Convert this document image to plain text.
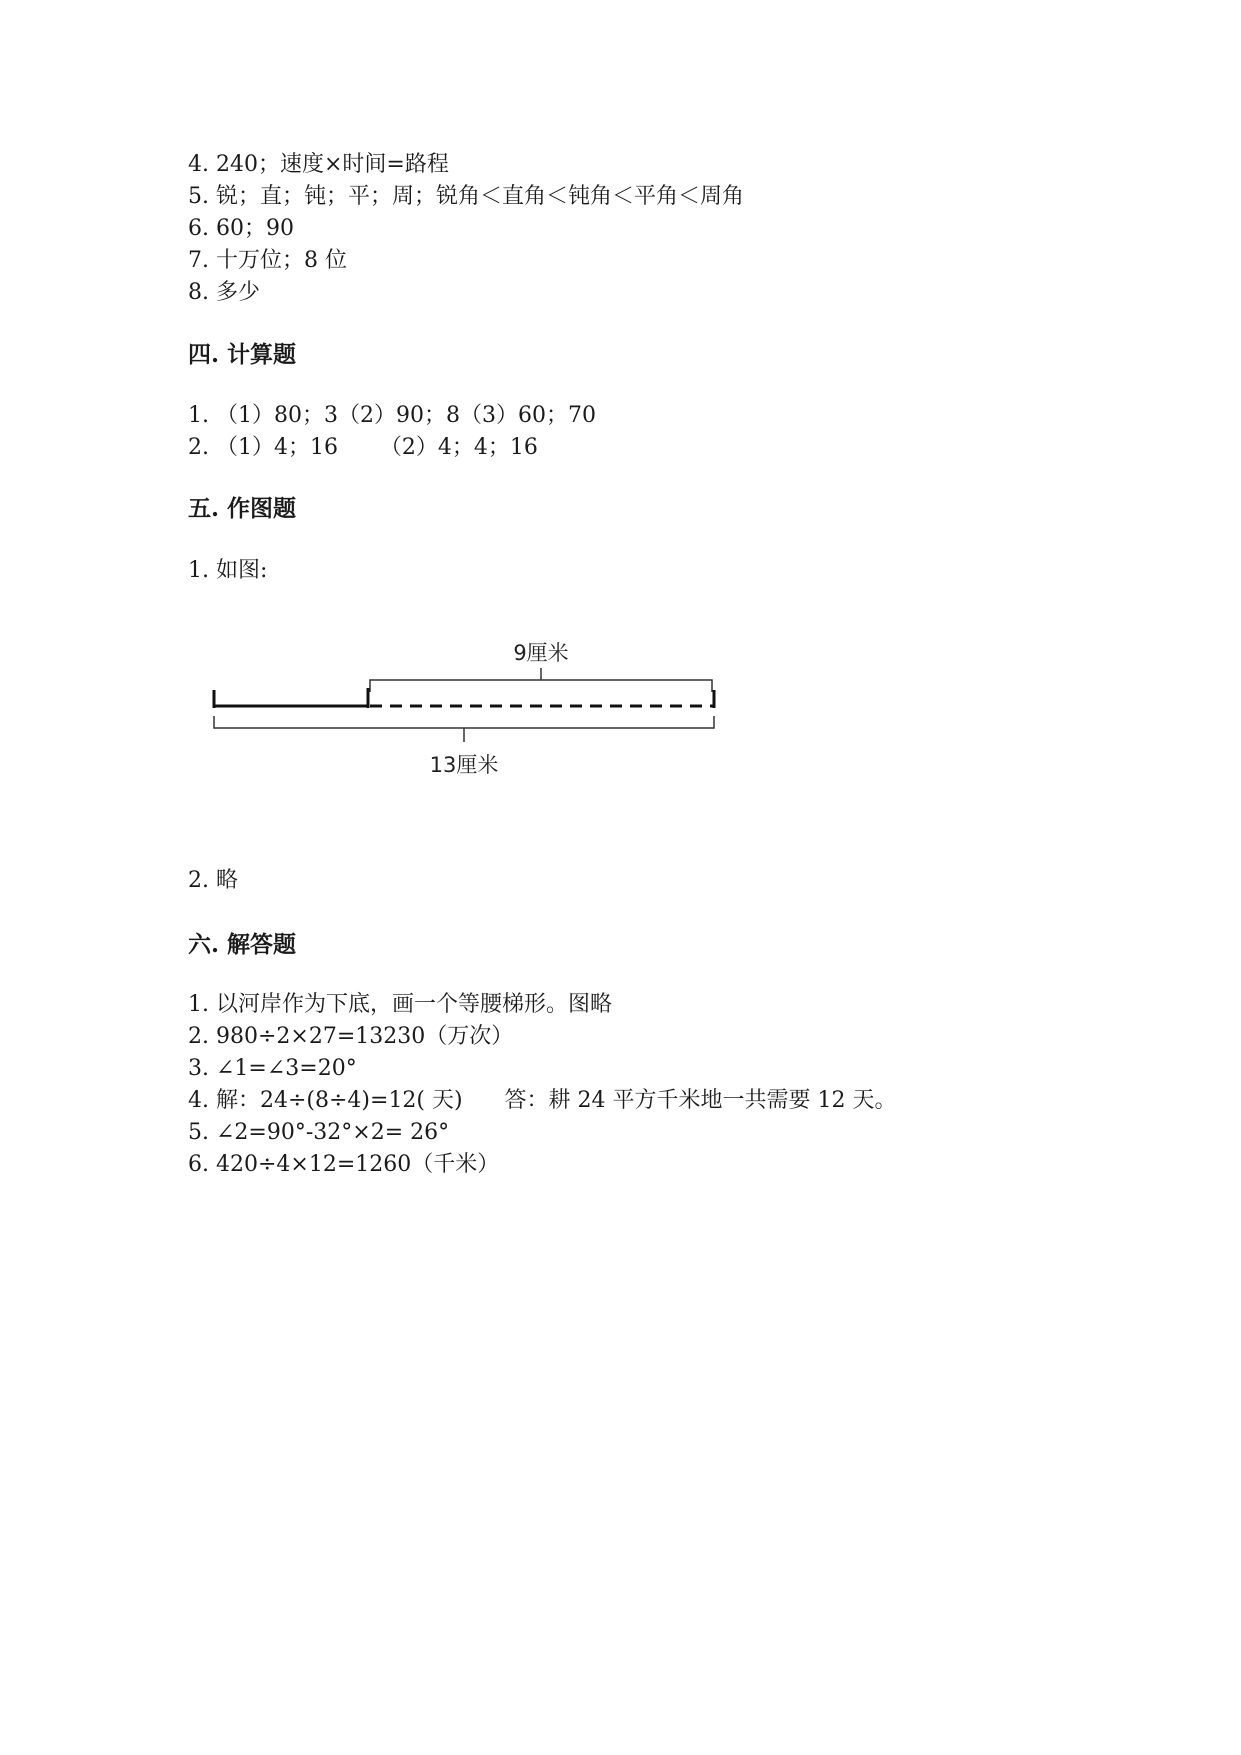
4. 240；速度×时间=路程
5. 锐；直；钝；平；周；锐角＜直角＜钝角＜平角＜周角
6. 60；90
7. 十万位；8 位
8. 多少
四. 计算题
1. （1）80；3（2）90；8（3）60；70
2. （1）4；16      （2）4；4；16
五. 作图题
1. 如图:
9厘米
13厘米
2. 略
六. 解答题
1. 以河岸作为下底，画一个等腰梯形。图略
2. 980÷2×27=13230（万次）
3. ∠1=∠3=20°
4. 解：24÷(8÷4)=12( 天)      答：耕 24 平方千米地一共需要 12 天。
5. ∠2=90°-32°×2= 26°
6. 420÷4×12=1260（千米）
